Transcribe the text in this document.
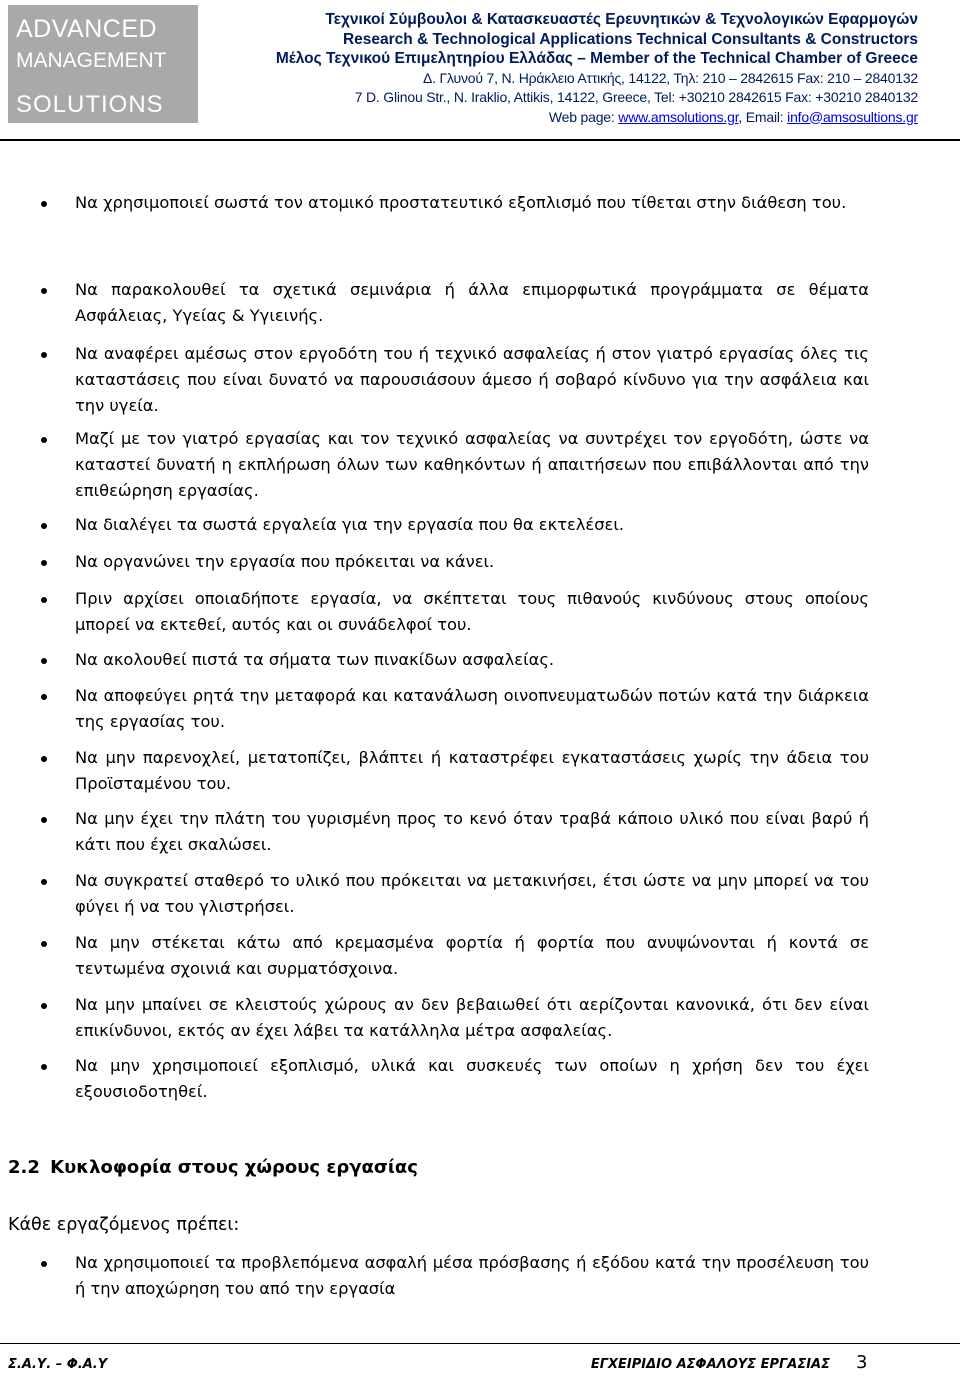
ADVANCED
MANAGEMENT
SOLUTIONS
Τεχνικοί Σύμβουλοι & Κατασκευαστές Ερευνητικών & Τεχνολογικών Εφαρμογών
Research & Technological Applications Technical Consultants & Constructors
Μέλος Τεχνικού Επιμελητηρίου Ελλάδας – Member of the Technical Chamber of Greece
Δ. Γλυνού 7, Ν. Ηράκλειο Αττικής, 14122, Τηλ: 210 – 2842615 Fax: 210 – 2840132
7 D. Glinou Str., N. Iraklio, Attikis, 14122, Greece, Tel: +30210 2842615 Fax: +30210 2840132
Web page: www.amsolutions.gr, Email: info@amsosultions.gr
Να χρησιμοποιεί σωστά τον ατομικό προστατευτικό εξοπλισμό που τίθεται στην διάθεση του.
Να παρακολουθεί τα σχετικά σεμινάρια ή άλλα επιμορφωτικά προγράμματα σε θέματα Ασφάλειας, Υγείας & Υγιεινής.
Να αναφέρει αμέσως στον εργοδότη του ή τεχνικό ασφαλείας ή στον γιατρό εργασίας όλες τις καταστάσεις που είναι δυνατό να παρουσιάσουν άμεσο ή σοβαρό κίνδυνο για την ασφάλεια και την υγεία.
Μαζί με τον γιατρό εργασίας και τον τεχνικό ασφαλείας να συντρέχει τον εργοδότη, ώστε να καταστεί δυνατή η εκπλήρωση όλων των καθηκόντων ή απαιτήσεων που επιβάλλονται από την επιθεώρηση εργασίας.
Να διαλέγει τα σωστά εργαλεία για την εργασία που θα εκτελέσει.
Να οργανώνει την εργασία που πρόκειται να κάνει.
Πριν αρχίσει οποιαδήποτε εργασία, να σκέπτεται τους πιθανούς κινδύνους στους οποίους μπορεί να εκτεθεί, αυτός και οι συνάδελφοί του.
Να ακολουθεί πιστά τα σήματα των πινακίδων ασφαλείας.
Να αποφεύγει ρητά την μεταφορά και κατανάλωση οινοπνευματωδών ποτών κατά την διάρκεια της εργασίας του.
Να μην παρενοχλεί, μετατοπίζει, βλάπτει ή καταστρέφει εγκαταστάσεις χωρίς την άδεια του Προϊσταμένου του.
Να μην έχει την πλάτη του γυρισμένη προς το κενό όταν τραβά κάποιο υλικό που είναι βαρύ ή κάτι που έχει σκαλώσει.
Να συγκρατεί σταθερό το υλικό που πρόκειται να μετακινήσει, έτσι ώστε να μην μπορεί να του φύγει ή να του γλιστρήσει.
Να μην στέκεται κάτω από κρεμασμένα φορτία ή φορτία που ανυψώνονται ή κοντά σε τεντωμένα σχοινιά και συρματόσχοινα.
Να μην μπαίνει σε κλειστούς χώρους αν δεν βεβαιωθεί ότι αερίζονται κανονικά, ότι δεν είναι επικίνδυνοι, εκτός αν έχει λάβει τα κατάλληλα μέτρα ασφαλείας.
Να μην χρησιμοποιεί εξοπλισμό, υλικά και συσκευές των οποίων η χρήση δεν του έχει εξουσιοδοτηθεί.
2.2 Κυκλοφορία στους χώρους εργασίας
Κάθε εργαζόμενος πρέπει:
Να χρησιμοποιεί τα προβλεπόμενα ασφαλή μέσα πρόσβασης ή εξόδου κατά την προσέλευση του ή την αποχώρηση του από την εργασία
Σ.Α.Υ. – Φ.Α.Υ	ΕΓΧΕΙΡΙΔΙΟ ΑΣΦΑΛΟΥΣ ΕΡΓΑΣΙΑΣ 3
